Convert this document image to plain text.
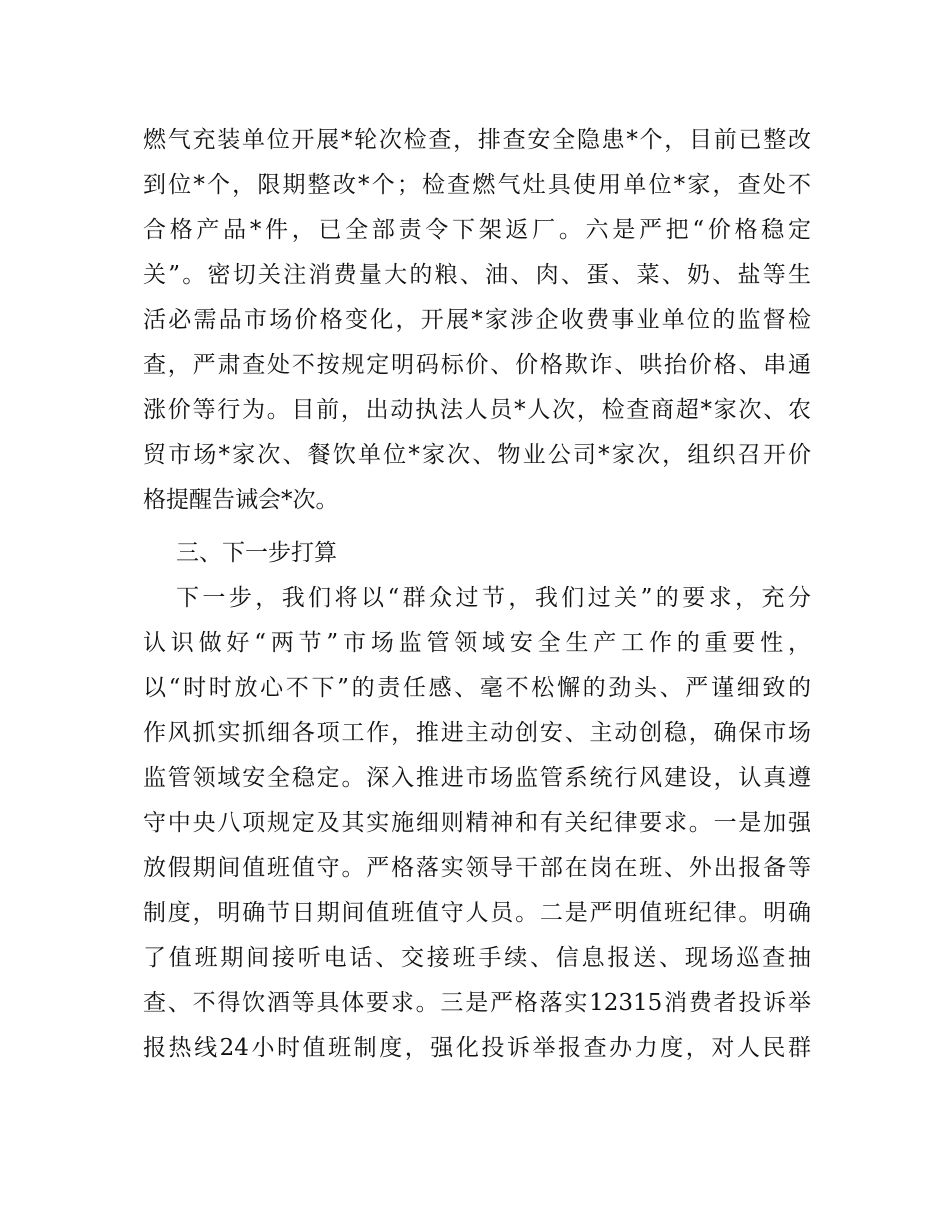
燃气充装单位开展*轮次检查，排查安全隐患*个，目前已整改
到位*个，限期整改*个；检查燃气灶具使用单位*家，查处不
合格产品*件，已全部责令下架返厂。六是严把“价格稳定
关”。密切关注消费量大的粮、油、肉、蛋、菜、奶、盐等生
活必需品市场价格变化，开展*家涉企收费事业单位的监督检
查，严肃查处不按规定明码标价、价格欺诈、哄抬价格、串通
涨价等行为。目前，出动执法人员*人次，检查商超*家次、农
贸市场*家次、餐饮单位*家次、物业公司*家次，组织召开价
格提醒告诫会*次。
三、下一步打算
下一步，我们将以“群众过节，我们过关”的要求，充分
认识做好“两节”市场监管领域安全生产工作的重要性，
以“时时放心不下”的责任感、毫不松懈的劲头、严谨细致的
作风抓实抓细各项工作，推进主动创安、主动创稳，确保市场
监管领域安全稳定。深入推进市场监管系统行风建设，认真遵
守中央八项规定及其实施细则精神和有关纪律要求。一是加强
放假期间值班值守。严格落实领导干部在岗在班、外出报备等
制度，明确节日期间值班值守人员。二是严明值班纪律。明确
了值班期间接听电话、交接班手续、信息报送、现场巡查抽
查、不得饮酒等具体要求。三是严格落实12315消费者投诉举
报热线24小时值班制度，强化投诉举报查办力度，对人民群
